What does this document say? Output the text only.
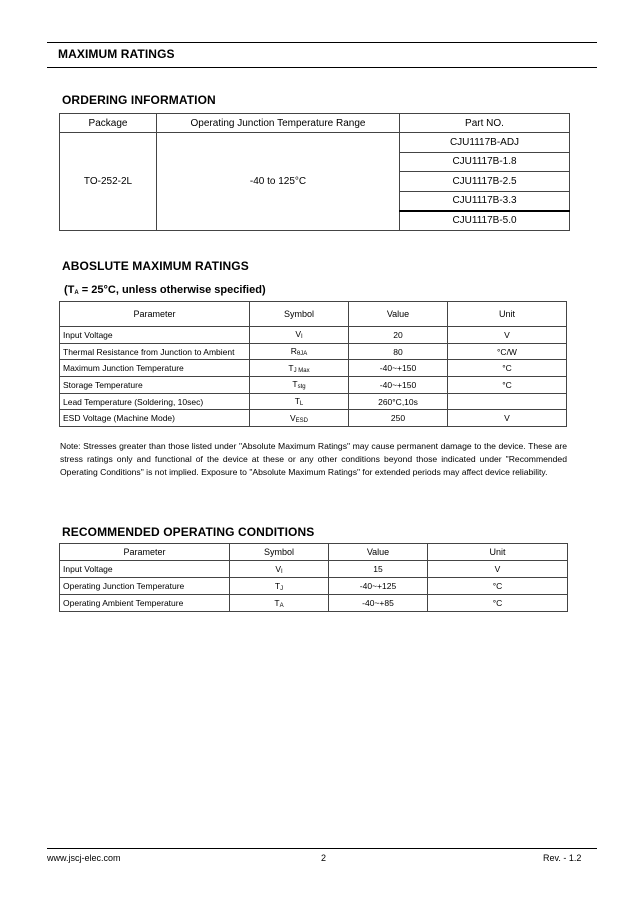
MAXIMUM RATINGS
ORDERING INFORMATION
Package	Operating Junction Temperature Range	Part NO.
TO-252-2L	-40 to 125°C	CJU1117B-ADJ
		CJU1117B-1.8
		CJU1117B-2.5
		CJU1117B-3.3
		CJU1117B-5.0
ABOSLUTE MAXIMUM RATINGS
($T_A = 25^\circ C$, unless otherwise specified)
Parameter	Symbol	Value	Unit
Input Voltage	$V_I$	20	V
Thermal Resistance from Junction to Ambient	$R_{\theta JA}$	80	°C/W
Maximum Junction Temperature	$T_{J Max}$	-40~+150	°C
Storage Temperature	$T_{stg}$	-40~+150	°C
Lead Temperature (Soldering, 10sec)	$T_L$	260°C,10s	
ESD Voltage (Machine Mode)	$V_{ESD}$	250	V
Note: Stresses greater than those listed under "Absolute Maximum Ratings" may cause permanent damage to the device. These are stress ratings only and functional of the device at these or any other conditions beyond those indicated under "Recommended Operating Conditions" is not implied. Exposure to "Absolute Maximum Ratings" for extended periods may affect device reliability.
RECOMMENDED OPERATING CONDITIONS
Parameter	Symbol	Value	Unit
Input Voltage	$V_I$	15	V
Operating Junction Temperature	$T_J$	-40~+125	°C
Operating Ambient Temperature	$T_A$	-40~+85	°C
www.jscj-elec.com	2	Rev. - 1.2
